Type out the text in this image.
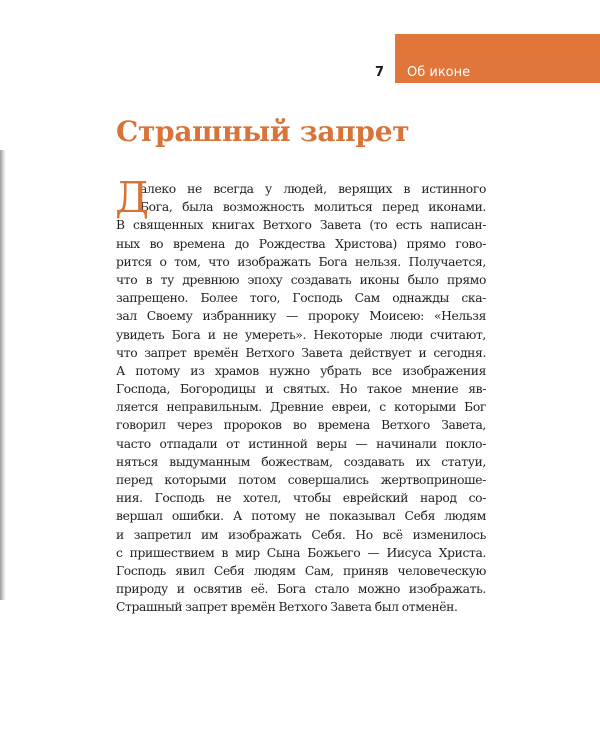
7 Об иконе
Страшный запрет
Д
алеко не всегда у людей, верящих в истинного
Бога, была возможность молиться перед иконами.
В священных книгах Ветхого Завета (то есть написан-
ных во времена до Рождества Христова) прямо гово-
рится о том, что изображать Бога нельзя. Получается,
что в ту древнюю эпоху создавать иконы было прямо
запрещено. Более того, Господь Сам однажды ска-
зал Своему избраннику — пророку Моисею: «Нельзя
увидеть Бога и не умереть». Некоторые люди считают,
что запрет времён Ветхого Завета действует и сегодня.
А потому из храмов нужно убрать все изображения
Господа, Богородицы и святых. Но такое мнение яв-
ляется неправильным. Древние евреи, с которыми Бог
говорил через пророков во времена Ветхого Завета,
часто отпадали от истинной веры — начинали покло-
няться выдуманным божествам, создавать их статуи,
перед которыми потом совершались жертвоприноше-
ния. Господь не хотел, чтобы еврейский народ со-
вершал ошибки. А потому не показывал Себя людям
и запретил им изображать Себя. Но всё изменилось
с пришествием в мир Сына Божьего — Иисуса Христа.
Господь явил Себя людям Сам, приняв человеческую
природу и освятив её. Бога стало можно изображать.
Страшный запрет времён Ветхого Завета был отменён.
